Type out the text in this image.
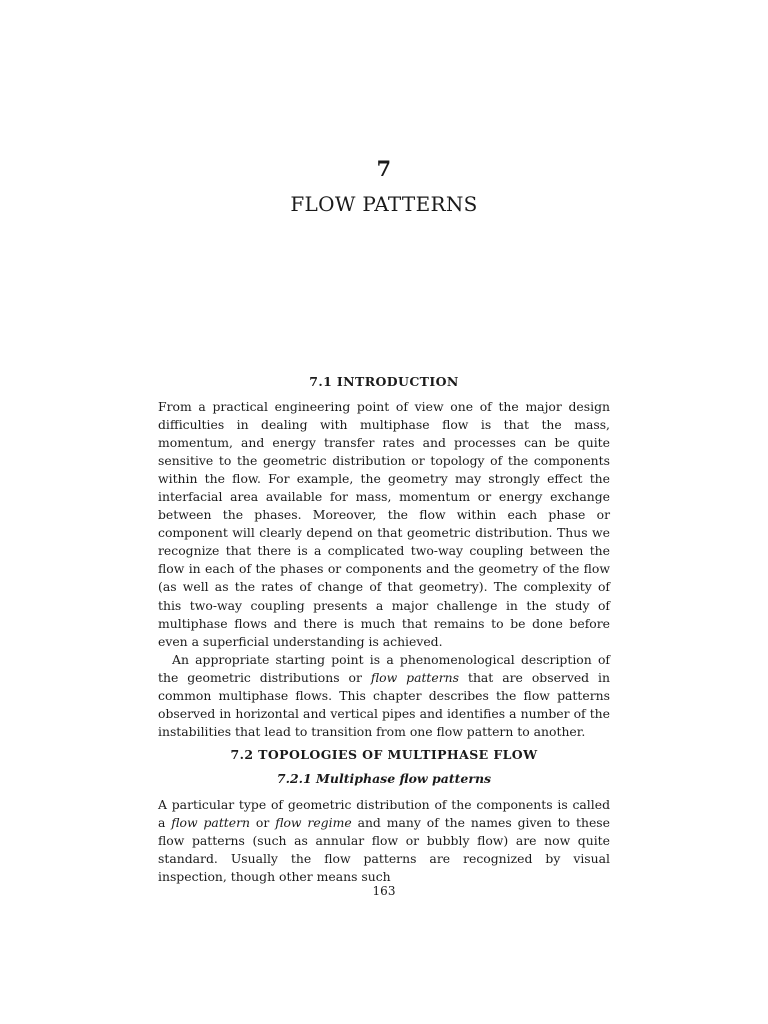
7
FLOW PATTERNS
7.1 INTRODUCTION

From a practical engineering point of view one of the major design difficulties in dealing with multiphase flow is that the mass, momentum, and energy transfer rates and processes can be quite sensitive to the geometric distribution or topology of the components within the flow. For example, the geometry may strongly effect the interfacial area available for mass, momentum or energy exchange between the phases. Moreover, the flow within each phase or component will clearly depend on that geometric distribution. Thus we recognize that there is a complicated two-way coupling between the flow in each of the phases or components and the geometry of the flow (as well as the rates of change of that geometry). The complexity of this two-way coupling presents a major challenge in the study of multiphase flows and there is much that remains to be done before even a superficial understanding is achieved.

An appropriate starting point is a phenomenological description of the geometric distributions or flow patterns that are observed in common multiphase flows. This chapter describes the flow patterns observed in horizontal and vertical pipes and identifies a number of the instabilities that lead to transition from one flow pattern to another.

7.2 TOPOLOGIES OF MULTIPHASE FLOW
7.2.1 Multiphase flow patterns

A particular type of geometric distribution of the components is called a flow pattern or flow regime and many of the names given to these flow patterns (such as annular flow or bubbly flow) are now quite standard. Usually the flow patterns are recognized by visual inspection, though other means such

163
